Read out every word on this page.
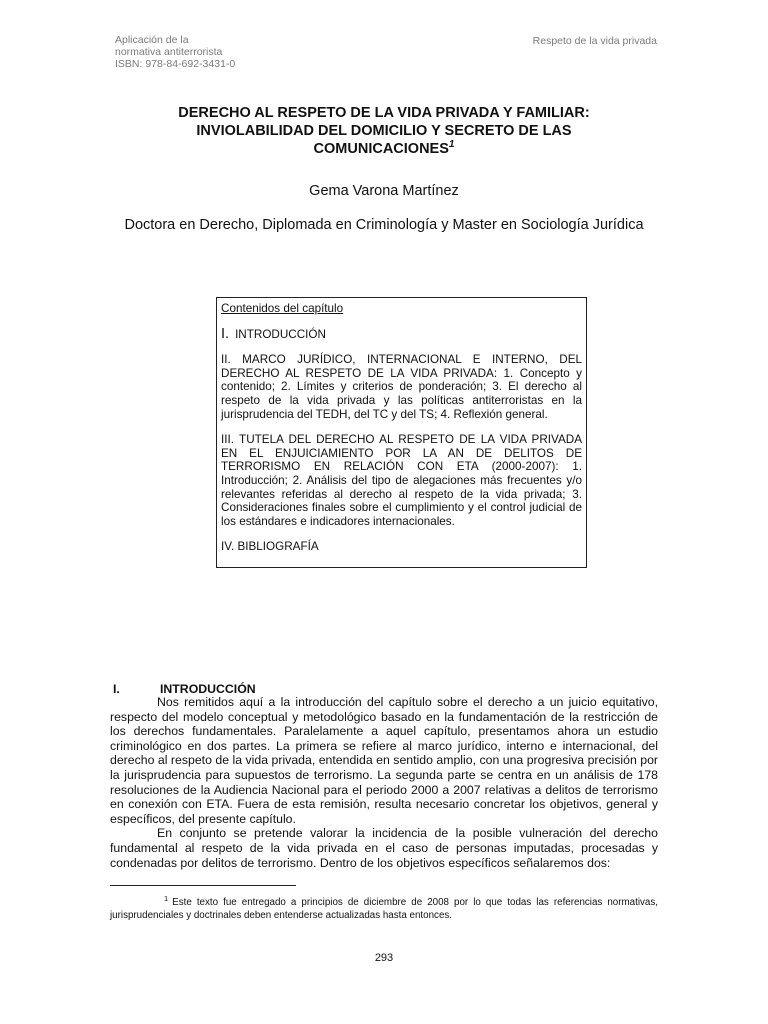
Aplicación de la
normativa antiterrorista
ISBN: 978-84-692-3431-0
Respeto de la vida privada
DERECHO AL RESPETO DE LA VIDA PRIVADA Y FAMILIAR:
INVIOLABILIDAD DEL DOMICILIO Y SECRETO DE LAS
COMUNICACIONES$^1$
Gema Varona Martínez
Doctora en Derecho, Diplomada en Criminología y Master en Sociología Jurídica
Contenidos del capítulo
I. INTRODUCCIÓN
II. MARCO JURÍDICO, INTERNACIONAL E INTERNO, DEL DERECHO AL RESPETO DE LA VIDA PRIVADA: 1. Concepto y contenido; 2. Límites y criterios de ponderación; 3. El derecho al respeto de la vida privada y las políticas antiterroristas en la jurisprudencia del TEDH, del TC y del TS; 4. Reflexión general.
III. TUTELA DEL DERECHO AL RESPETO DE LA VIDA PRIVADA EN EL ENJUICIAMIENTO POR LA AN DE DELITOS DE TERRORISMO EN RELACIÓN CON ETA (2000-2007): 1. Introducción; 2. Análisis del tipo de alegaciones más frecuentes y/o relevantes referidas al derecho al respeto de la vida privada; 3. Consideraciones finales sobre el cumplimiento y el control judicial de los estándares e indicadores internacionales.
IV. BIBLIOGRAFÍA
I.	INTRODUCCIÓN

Nos remitidos aquí a la introducción del capítulo sobre el derecho a un juicio equitativo, respecto del modelo conceptual y metodológico basado en la fundamentación de la restricción de los derechos fundamentales. Paralelamente a aquel capítulo, presentamos ahora un estudio criminológico en dos partes. La primera se refiere al marco jurídico, interno e internacional, del derecho al respeto de la vida privada, entendida en sentido amplio, con una progresiva precisión por la jurisprudencia para supuestos de terrorismo. La segunda parte se centra en un análisis de 178 resoluciones de la Audiencia Nacional para el periodo 2000 a 2007 relativas a delitos de terrorismo en conexión con ETA. Fuera de esta remisión, resulta necesario concretar los objetivos, general y específicos, del presente capítulo.

En conjunto se pretende valorar la incidencia de la posible vulneración del derecho fundamental al respeto de la vida privada en el caso de personas imputadas, procesadas y condenadas por delitos de terrorismo. Dentro de los objetivos específicos señalaremos dos:

$^1$ Este texto fue entregado a principios de diciembre de 2008 por lo que todas las referencias normativas, jurisprudenciales y doctrinales deben entenderse actualizadas hasta entonces.
293
